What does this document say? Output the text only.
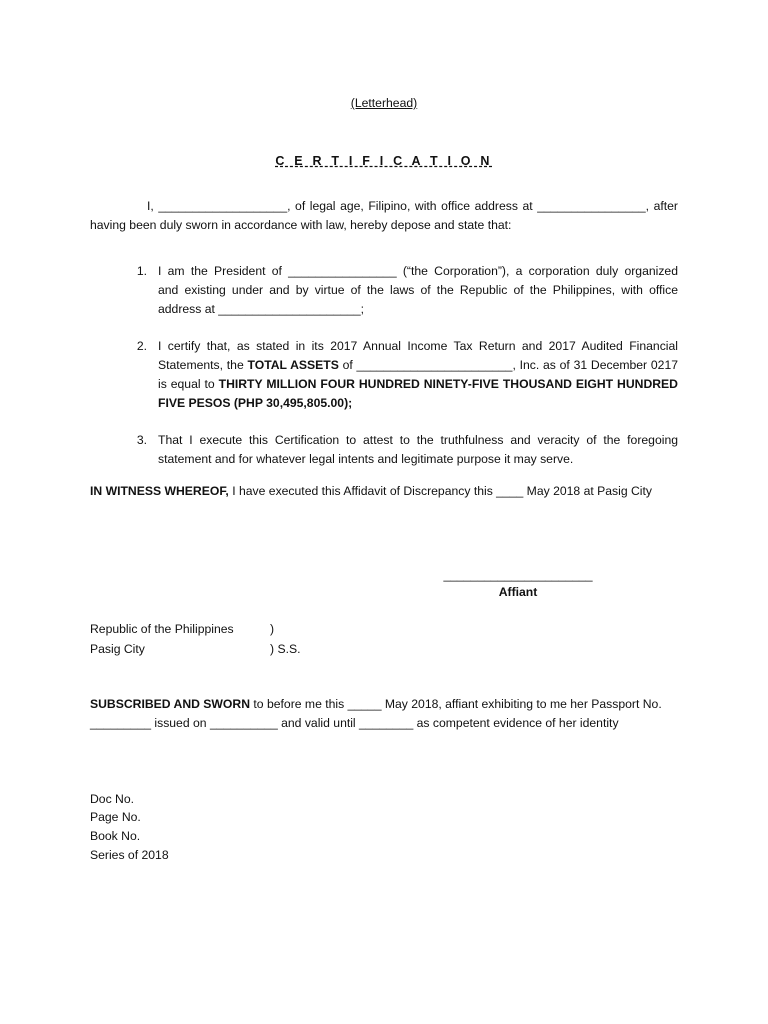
(Letterhead)
C E R T I F I C A T I O N
I, ___________________, of legal age, Filipino, with office address at ________________, after
having been duly sworn in accordance with law, hereby depose and state that:
1. I am the President of ________________ (“the Corporation”), a corporation duly organized
and existing under and by virtue of the laws of the Republic of the Philippines, with office
address at _____________________;
2. I certify that, as stated in its 2017 Annual Income Tax Return and 2017 Audited Financial
Statements, the TOTAL ASSETS of _______________________, Inc. as of 31 December 0217
is equal to THIRTY MILLION FOUR HUNDRED NINETY-FIVE THOUSAND EIGHT HUNDRED
FIVE PESOS (PHP 30,495,805.00);
3. That I execute this Certification to attest to the truthfulness and veracity of the foregoing
statement and for whatever legal intents and legitimate purpose it may serve.
IN WITNESS WHEREOF, I have executed this Affidavit of Discrepancy this ____ May 2018 at Pasig City
______________________
Affiant
Republic of the Philippines	)
Pasig City	) S.S.
SUBSCRIBED AND SWORN to before me this _____ May 2018, affiant exhibiting to me her Passport No.
_________ issued on __________ and valid until ________ as competent evidence of her identity
Doc No.
Page No.
Book No.
Series of 2018
